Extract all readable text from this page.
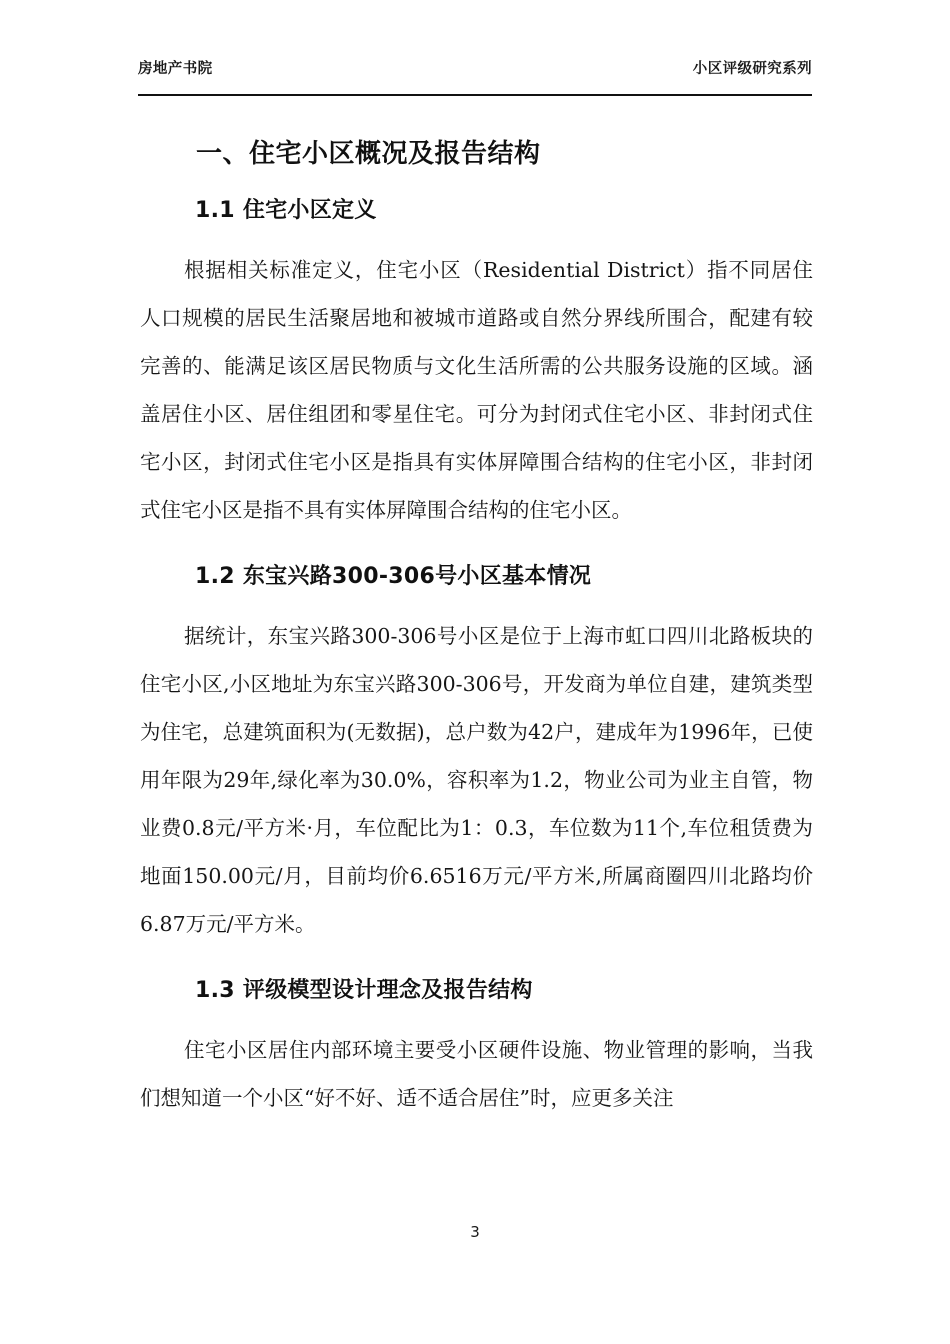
房地产书院	小区评级研究系列
一、住宅小区概况及报告结构
1.1 住宅小区定义

根据相关标准定义，住宅小区（Residential District）指不同居住人口规模的居民生活聚居地和被城市道路或自然分界线所围合，配建有较完善的、能满足该区居民物质与文化生活所需的公共服务设施的区域。涵盖居住小区、居住组团和零星住宅。可分为封闭式住宅小区、非封闭式住宅小区，封闭式住宅小区是指具有实体屏障围合结构的住宅小区，非封闭式住宅小区是指不具有实体屏障围合结构的住宅小区。

1.2 东宝兴路300-306号小区基本情况

据统计，东宝兴路300-306号小区是位于上海市虹口四川北路板块的住宅小区,小区地址为东宝兴路300-306号，开发商为单位自建，建筑类型为住宅，总建筑面积为(无数据)，总户数为42户，建成年为1996年，已使用年限为29年,绿化率为30.0%，容积率为1.2，物业公司为业主自管，物业费0.8元/平方米·月，车位配比为1：0.3，车位数为11个,车位租赁费为地面150.00元/月，目前均价6.6516万元/平方米,所属商圈四川北路均价6.87万元/平方米。

1.3 评级模型设计理念及报告结构

住宅小区居住内部环境主要受小区硬件设施、物业管理的影响，当我们想知道一个小区“好不好、适不适合居住”时，应更多关注

3
